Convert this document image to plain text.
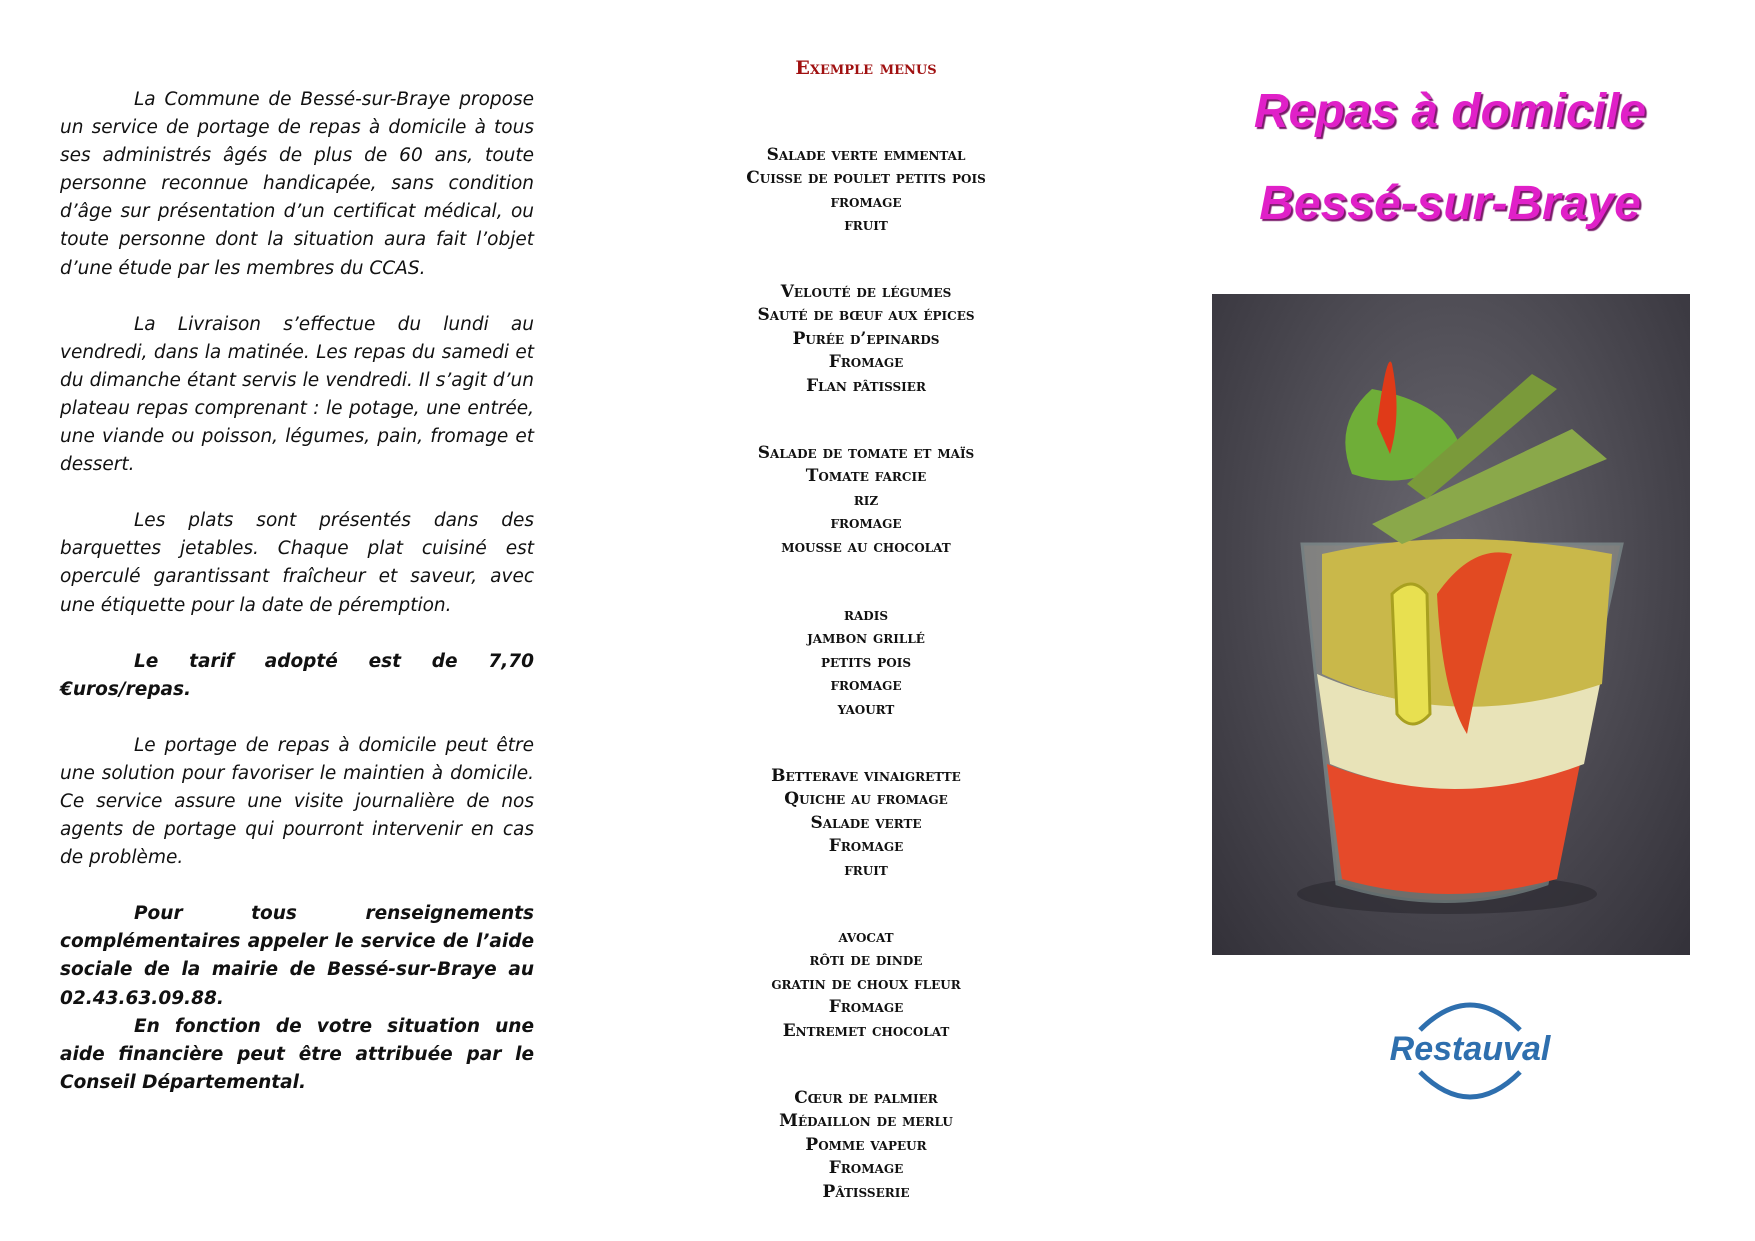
La Commune de Bessé-sur-Braye propose un service de portage de repas à domicile à tous ses administrés âgés de plus de 60 ans, toute personne reconnue handicapée, sans condition d’âge sur présentation d’un certificat médical, ou toute personne dont la situation aura fait l’objet d’une étude par les membres du CCAS.

La Livraison s’effectue du lundi au vendredi, dans la matinée. Les repas du samedi et du dimanche étant servis le vendredi. Il s’agit d’un plateau repas comprenant : le potage, une entrée, une viande ou poisson, légumes, pain, fromage et dessert.

Les plats sont présentés dans des barquettes jetables. Chaque plat cuisiné est operculé garantissant fraîcheur et saveur, avec une étiquette pour la date de péremption.

Le tarif adopté est de 7,70 €uros/repas.

Le portage de repas à domicile peut être une solution pour favoriser le maintien à domicile. Ce service assure une visite journalière de nos agents de portage qui pourront intervenir en cas de problème.

Pour tous renseignements complémentaires appeler le service de l’aide sociale de la mairie de Bessé-sur-Braye au 02.43.63.09.88.

En fonction de votre situation une aide financière peut être attribuée par le Conseil Départemental.

Exemple menus
Salade verte emmental
Cuisse de poulet petits pois
fromage
fruit
Velouté de légumes
Sauté de bœuf aux épices
Purée d’epinards
Fromage
Flan pâtissier
Salade de tomate et maïs
Tomate farcie
riz
fromage
mousse au chocolat
radis
jambon grillé
petits pois
fromage
yaourt
Betterave vinaigrette
Quiche au fromage
Salade verte
Fromage
fruit
avocat
rôti de dinde
gratin de choux fleur
Fromage
Entremet chocolat
Cœur de palmier
Médaillon de merlu
Pomme vapeur
Fromage
Pâtisserie
Repas à domicile
Bessé-sur-Braye
Restauval
